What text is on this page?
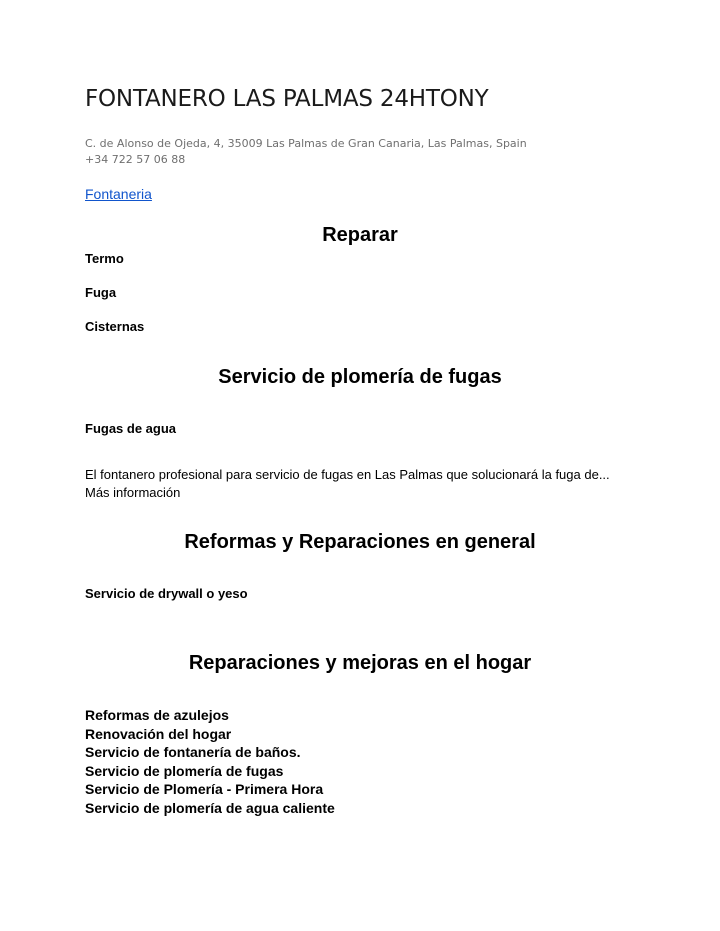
FONTANERO LAS PALMAS 24HTONY
C. de Alonso de Ojeda, 4, 35009 Las Palmas de Gran Canaria, Las Palmas, Spain
+34 722 57 06 88
Fontaneria
Reparar
Termo
Fuga
Cisternas
Servicio de plomería de fugas
Fugas de agua
El fontanero profesional para servicio de fugas en Las Palmas que solucionará la fuga de... Más información
Reformas y Reparaciones en general
Servicio de drywall o yeso
Reparaciones y mejoras en el hogar
Reformas de azulejos
Renovación del hogar
Servicio de fontanería de baños.
Servicio de plomería de fugas
Servicio de Plomería - Primera Hora
Servicio de plomería de agua caliente
